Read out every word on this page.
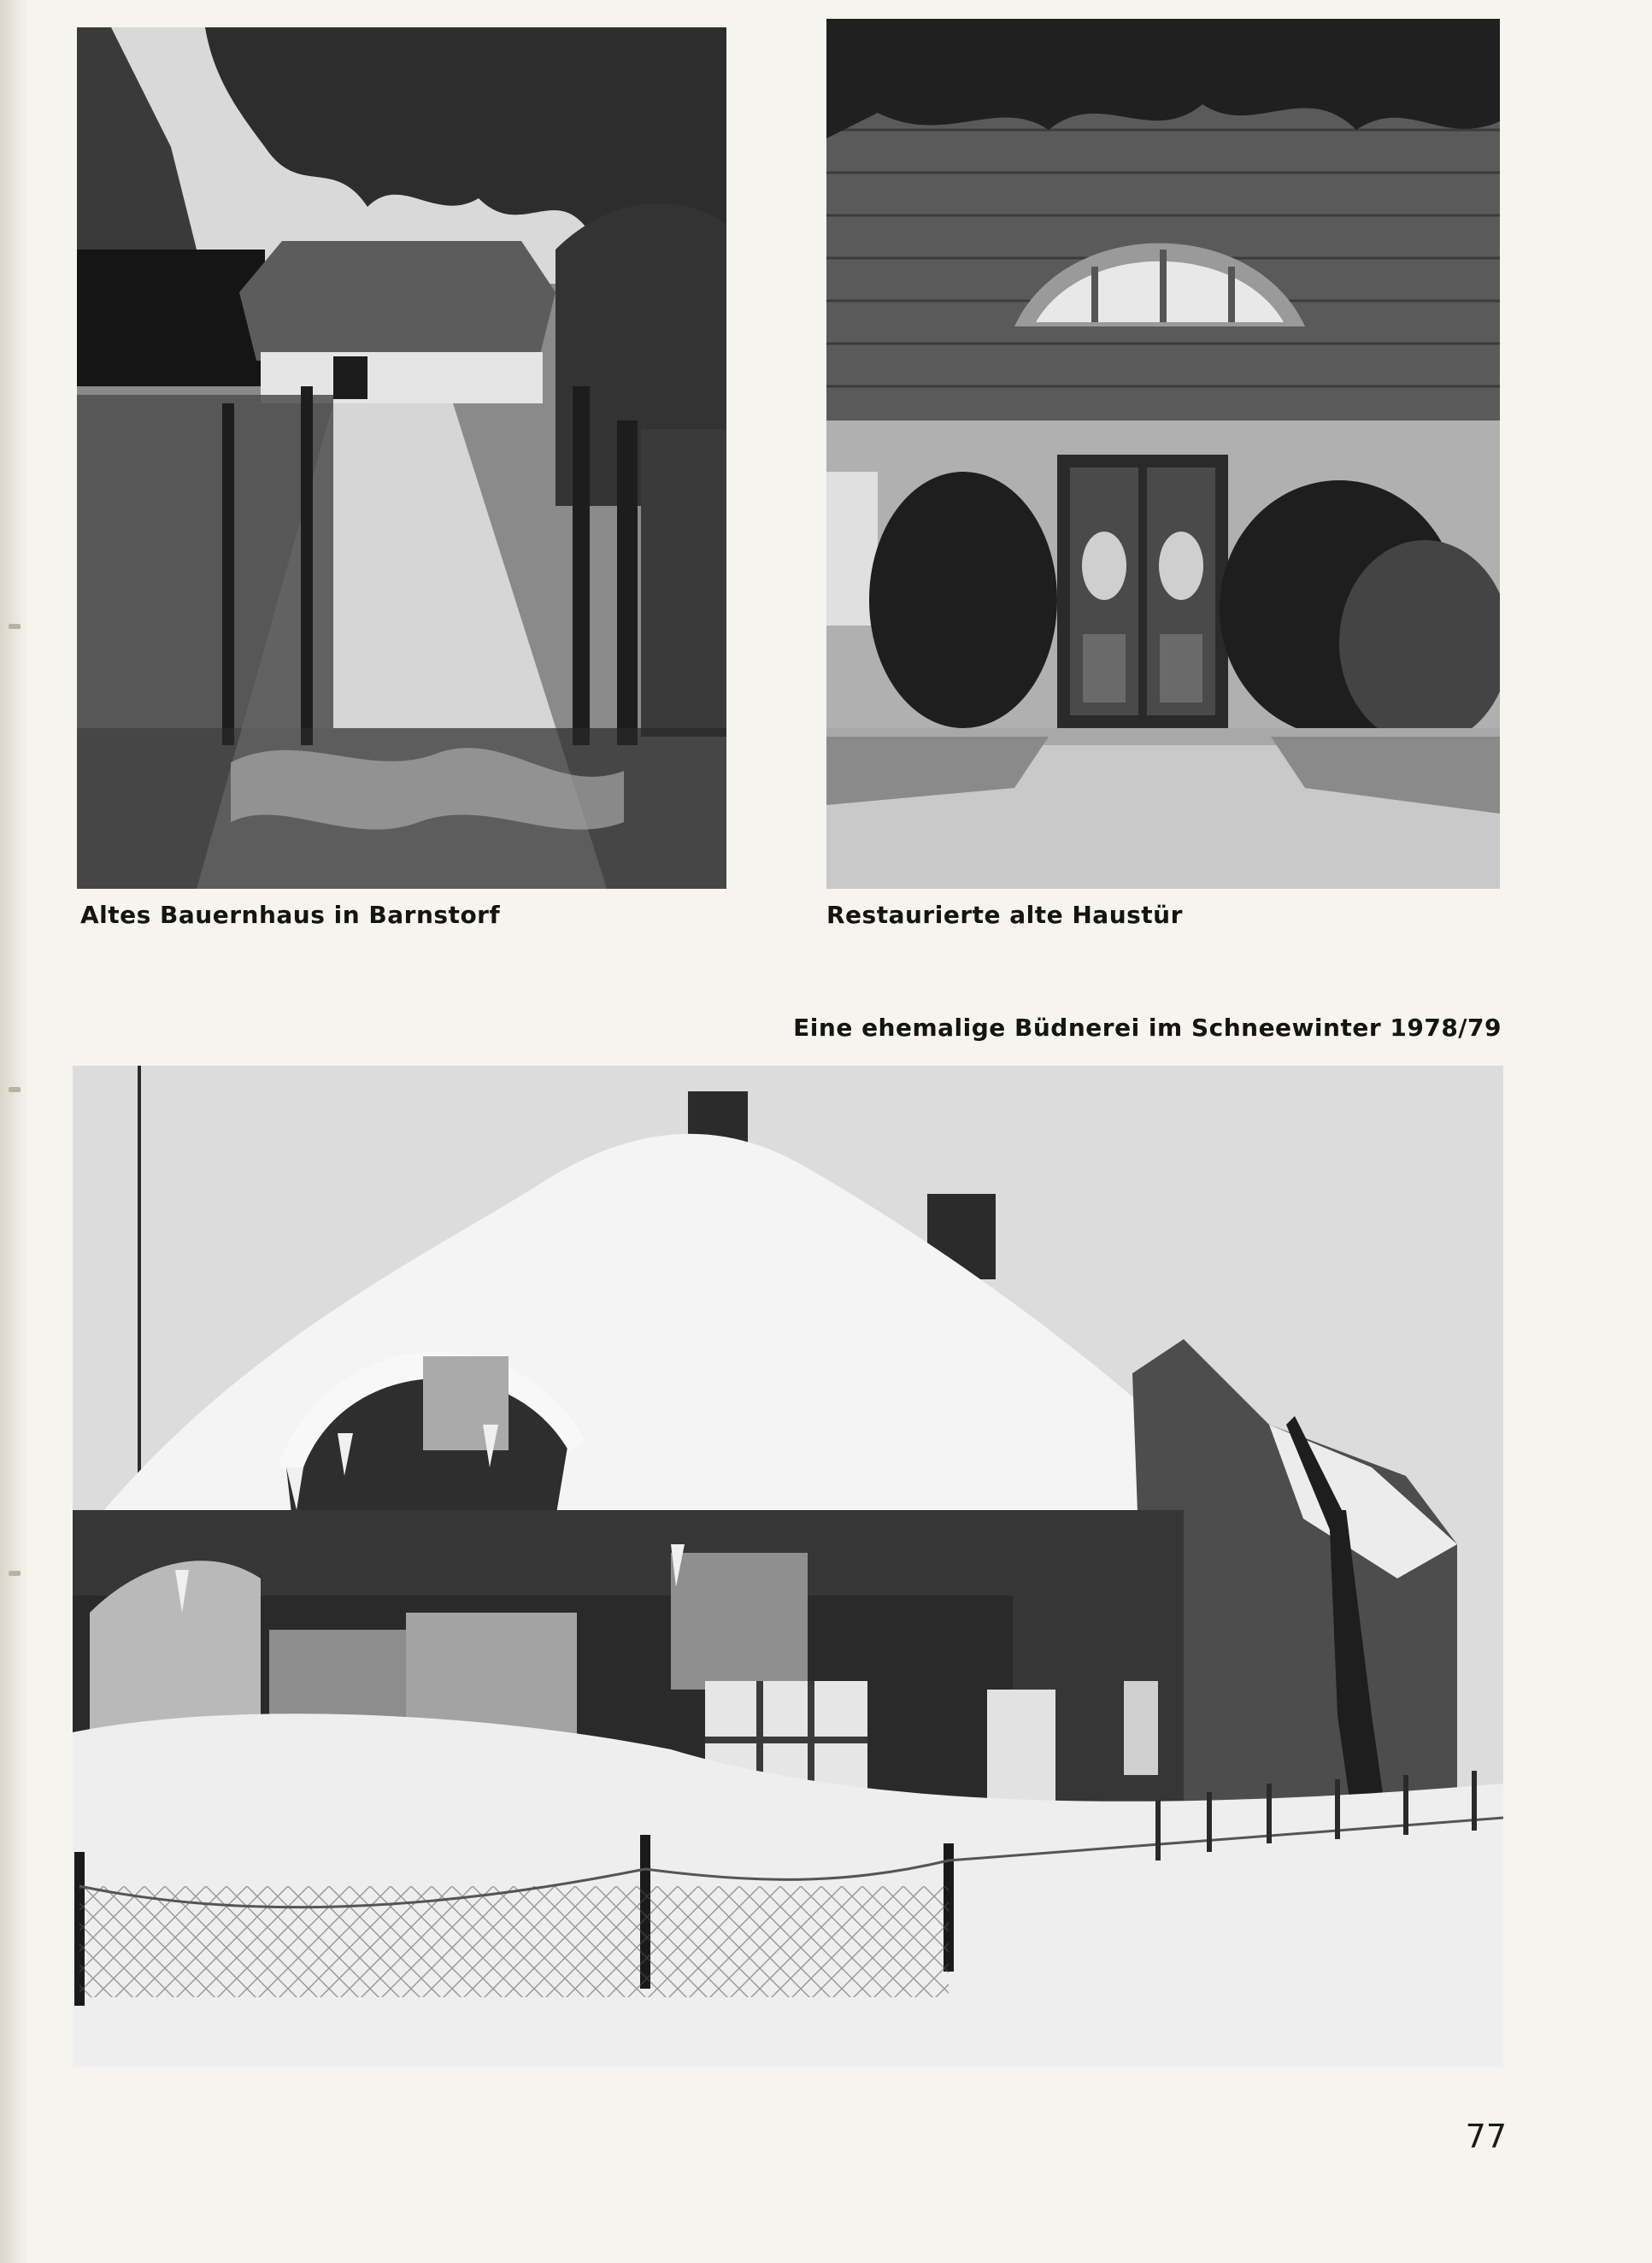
Altes Bauernhaus in Barnstorf	Restaurierte alte Haustür
Eine ehemalige Büdnerei im Schneewinter 1978/79
77
